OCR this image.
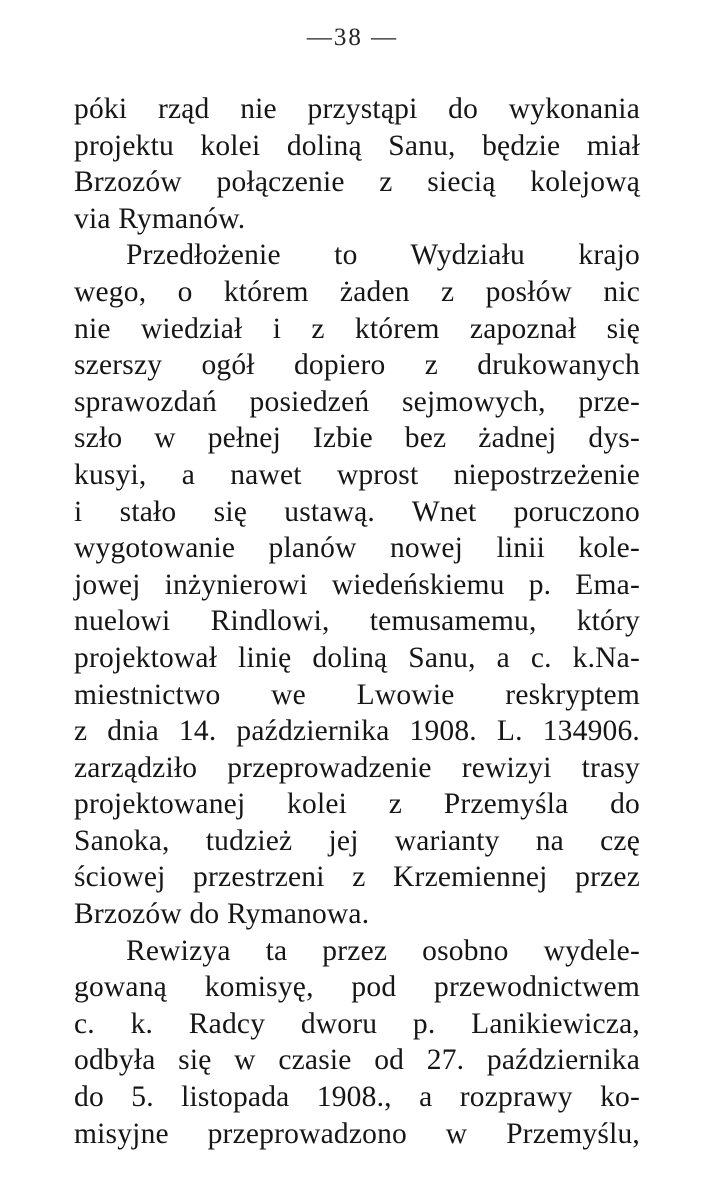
—38 —
póki rząd nie przystąpi do wykonania
projektu kolei doliną Sanu, będzie miał
Brzozów połączenie z siecią kolejową
via Rymanów.
Przedłożenie to Wydziału krajo
wego, o którem żaden z posłów nic
nie wiedział i z którem zapoznał się
szerszy ogół dopiero z drukowanych
sprawozdań posiedzeń sejmowych, prze-
szło w pełnej Izbie bez żadnej dys-
kusyi, a nawet wprost niepostrzeżenie
i stało się ustawą. Wnet poruczono
wygotowanie planów nowej linii kole-
jowej inżynierowi wiedeńskiemu p. Ema-
nuelowi Rindlowi, temusamemu, który
projektował linię doliną Sanu, a c. k.Na-
miestnictwo we Lwowie reskryptem
z dnia 14. października 1908. L. 134906.
zarządziło przeprowadzenie rewizyi trasy
projektowanej kolei z Przemyśla do
Sanoka, tudzież jej warianty na czę
ściowej przestrzeni z Krzemiennej przez
Brzozów do Rymanowa.
Rewizya ta przez osobno wydele-
gowaną komisyę, pod przewodnictwem
c. k. Radcy dworu p. Lanikiewicza,
odbyła się w czasie od 27. października
do 5. listopada 1908., a rozprawy ko-
misyjne przeprowadzono w Przemyślu,
